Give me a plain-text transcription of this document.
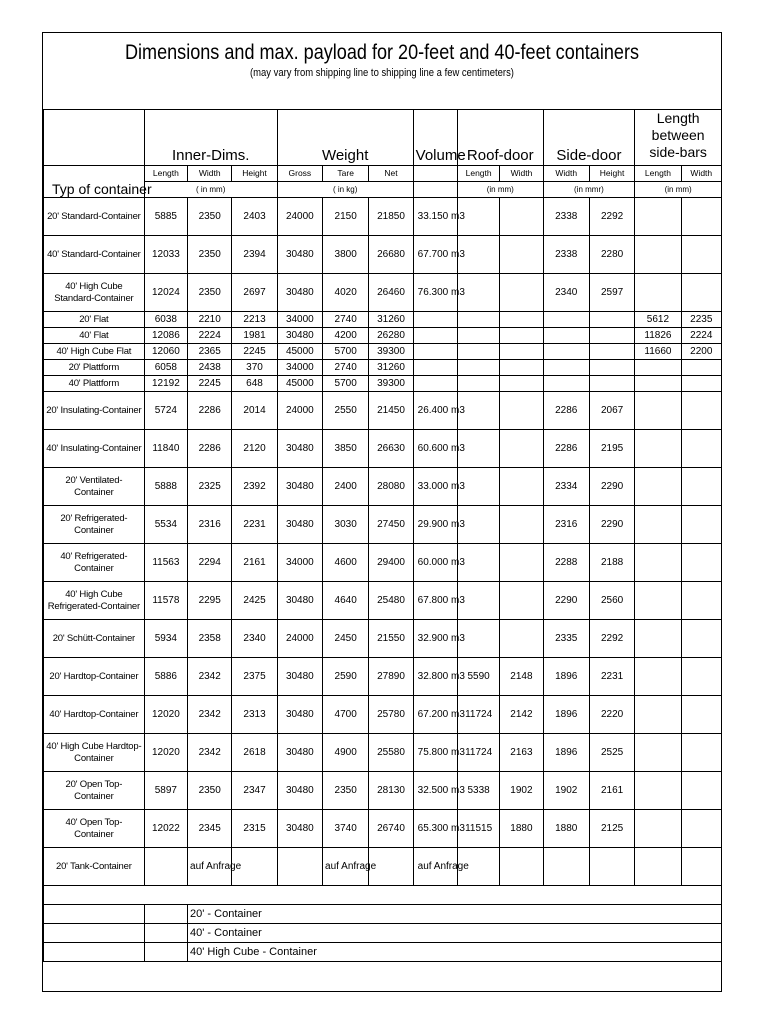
Dimensions and max. payload for 20-feet and 40-feet containers
(may vary from shipping line to shipping line a few centimeters)
	Inner-Dims.			Weight			Volume	Roof-door		Side-door		Length between side-bars	
Typ of container	Length	Width	Height	Gross	Tare	Net		Length	Width	Width	Height	Length	Width
	( in mm)			( in kg)				(in mm)		(in mmr)		(in mm)	
20' Standard-Container	5885	2350	2403	24000	2150	21850	33.150 m3			2338	2292		
40' Standard-Container	12033	2350	2394	30480	3800	26680	67.700 m3			2338	2280		
40' High Cube Standard-Container	12024	2350	2697	30480	4020	26460	76.300 m3			2340	2597		
20' Flat	6038	2210	2213	34000	2740	31260						5612	2235
40' Flat	12086	2224	1981	30480	4200	26280						11826	2224
40' High Cube Flat	12060	2365	2245	45000	5700	39300						11660	2200
20' Plattform	6058	2438	370	34000	2740	31260							
40' Plattform	12192	2245	648	45000	5700	39300							
20' Insulating-Container	5724	2286	2014	24000	2550	21450	26.400 m3			2286	2067		
40' Insulating-Container	11840	2286	2120	30480	3850	26630	60.600 m3			2286	2195		
20' Ventilated-Container	5888	2325	2392	30480	2400	28080	33.000 m3			2334	2290		
20' Refrigerated-Container	5534	2316	2231	30480	3030	27450	29.900 m3			2316	2290		
40' Refrigerated-Container	11563	2294	2161	34000	4600	29400	60.000 m3			2288	2188		
40' High Cube Refrigerated-Container	11578	2295	2425	30480	4640	25480	67.800 m3			2290	2560		
20' Schütt-Container	5934	2358	2340	24000	2450	21550	32.900 m3			2335	2292		
20' Hardtop-Container	5886	2342	2375	30480	2590	27890	32.800 m3	5590	2148	1896	2231		
40' Hardtop-Container	12020	2342	2313	30480	4700	25780	67.200 m3	11724	2142	1896	2220		
40' High Cube Hardtop-Container	12020	2342	2618	30480	4900	25580	75.800 m3	11724	2163	1896	2525		
20' Open Top-Container	5897	2350	2347	30480	2350	28130	32.500 m3	5338	1902	1902	2161		
40' Open Top-Container	12022	2345	2315	30480	3740	26740	65.300 m3	11515	1880	1880	2125		
20' Tank-Container		auf Anfrage			auf Anfrage		auf Anfrage						

		20' - Container											
		40' - Container											
		40' High Cube - Container											
